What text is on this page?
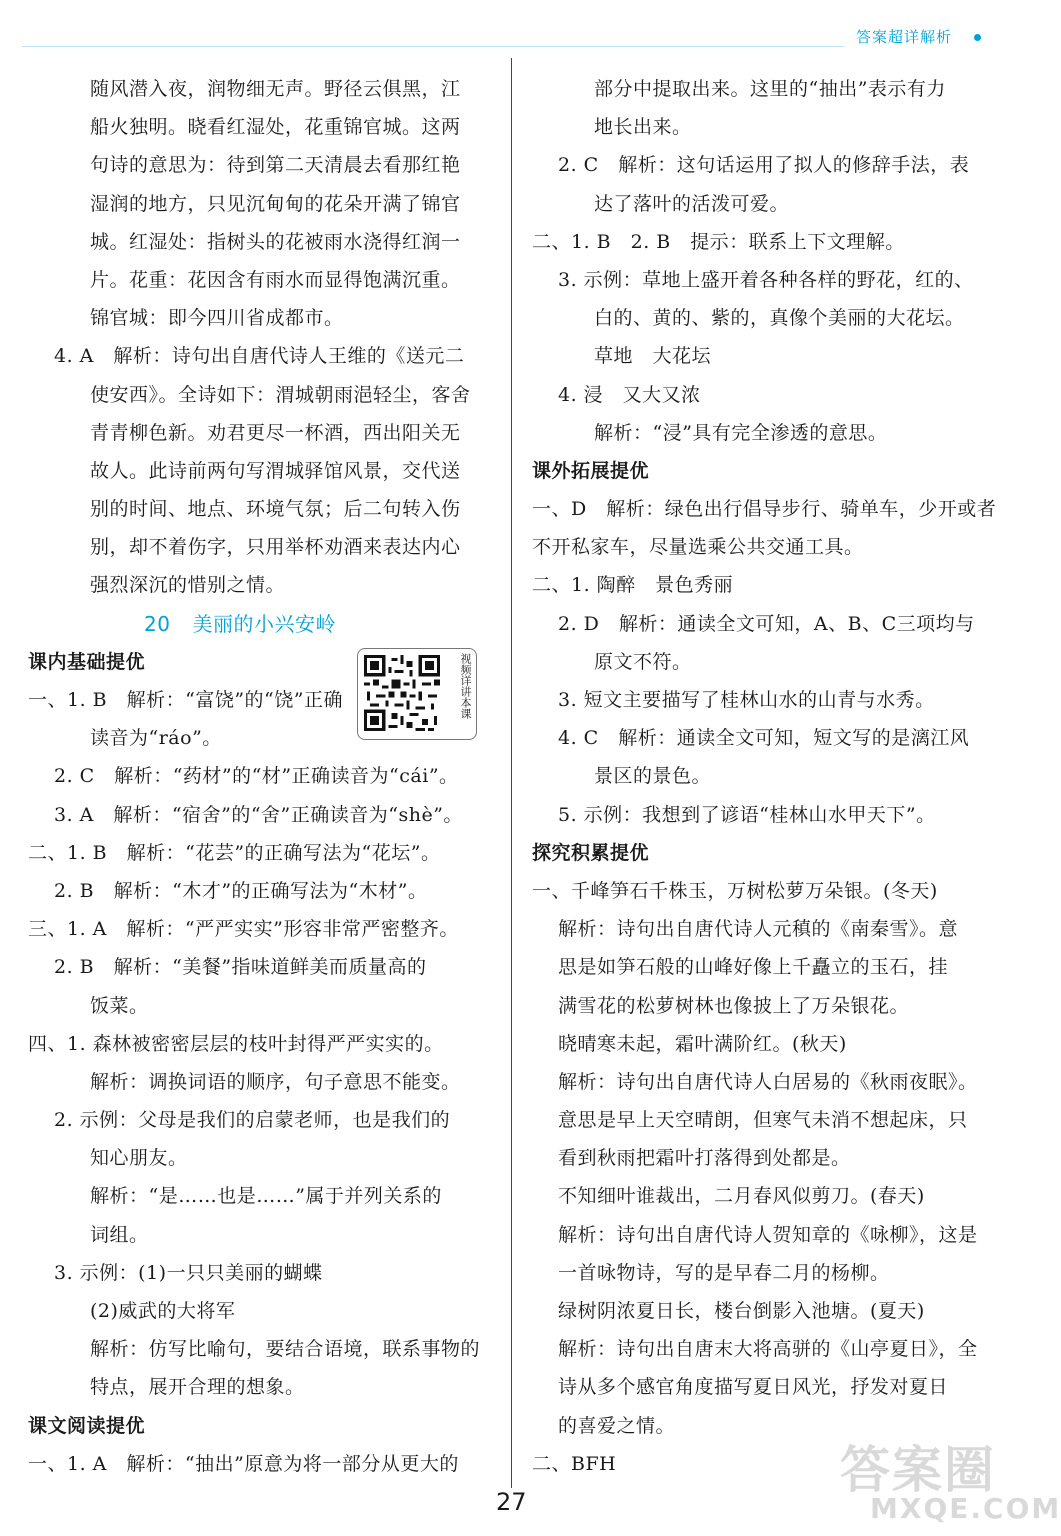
答案超详解析
随风潜入夜，润物细无声。野径云俱黑，江
船火独明。晓看红湿处，花重锦官城。这两
句诗的意思为：待到第二天清晨去看那红艳
湿润的地方，只见沉甸甸的花朵开满了锦官
城。红湿处：指树头的花被雨水浇得红润一
片。花重：花因含有雨水而显得饱满沉重。
锦官城：即今四川省成都市。
4. A　解析：诗句出自唐代诗人王维的《送元二
使安西》。全诗如下：渭城朝雨浥轻尘，客舍
青青柳色新。劝君更尽一杯酒，西出阳关无
故人。此诗前两句写渭城驿馆风景，交代送
别的时间、地点、环境气氛；后二句转入伤
别，却不着伤字，只用举杯劝酒来表达内心
强烈深沉的惜别之情。
20 美丽的小兴安岭
课内基础提优
一、1. B　解析：“富饶”的“饶”正确
读音为“ráo”。
2. C　解析：“药材”的“材”正确读音为“cái”。
3. A　解析：“宿舍”的“舍”正确读音为“shè”。
二、1. B　解析：“花芸”的正确写法为“花坛”。
2. B　解析：“木才”的正确写法为“木材”。
三、1. A　解析：“严严实实”形容非常严密整齐。
2. B　解析：“美餐”指味道鲜美而质量高的
饭菜。
四、1. 森林被密密层层的枝叶封得严严实实的。
解析：调换词语的顺序，句子意思不能变。
2. 示例：父母是我们的启蒙老师，也是我们的
知心朋友。
解析：“是……也是……”属于并列关系的
词组。
3. 示例：(1)一只只美丽的蝴蝶
(2)威武的大将军
解析：仿写比喻句，要结合语境，联系事物的
特点，展开合理的想象。
课文阅读提优
一、1. A　解析：“抽出”原意为将一部分从更大的
部分中提取出来。这里的“抽出”表示有力
地长出来。
2. C　解析：这句话运用了拟人的修辞手法，表
达了落叶的活泼可爱。
二、1. B　2. B　提示：联系上下文理解。
3. 示例：草地上盛开着各种各样的野花，红的、
白的、黄的、紫的，真像个美丽的大花坛。
草地　大花坛
4. 浸　又大又浓
解析：“浸”具有完全渗透的意思。
课外拓展提优
一、D　解析：绿色出行倡导步行、骑单车，少开或者
不开私家车，尽量选乘公共交通工具。
二、1. 陶醉　景色秀丽
2. D　解析：通读全文可知，A、B、C三项均与
原文不符。
3. 短文主要描写了桂林山水的山青与水秀。
4. C　解析：通读全文可知，短文写的是漓江风
景区的景色。
5. 示例：我想到了谚语“桂林山水甲天下”。
探究积累提优
一、千峰笋石千株玉，万树松萝万朵银。(冬天)
解析：诗句出自唐代诗人元稹的《南秦雪》。意
思是如笋石般的山峰好像上千矗立的玉石，挂
满雪花的松萝树林也像披上了万朵银花。
晓晴寒未起，霜叶满阶红。(秋天)
解析：诗句出自唐代诗人白居易的《秋雨夜眠》。
意思是早上天空晴朗，但寒气未消不想起床，只
看到秋雨把霜叶打落得到处都是。
不知细叶谁裁出，二月春风似剪刀。(春天)
解析：诗句出自唐代诗人贺知章的《咏柳》，这是
一首咏物诗，写的是早春二月的杨柳。
绿树阴浓夏日长，楼台倒影入池塘。(夏天)
解析：诗句出自唐末大将高骈的《山亭夏日》，全
诗从多个感官角度描写夏日风光，抒发对夏日
的喜爱之情。
二、BFH
视频详讲本课
27
答案圈
MXQE.COM
